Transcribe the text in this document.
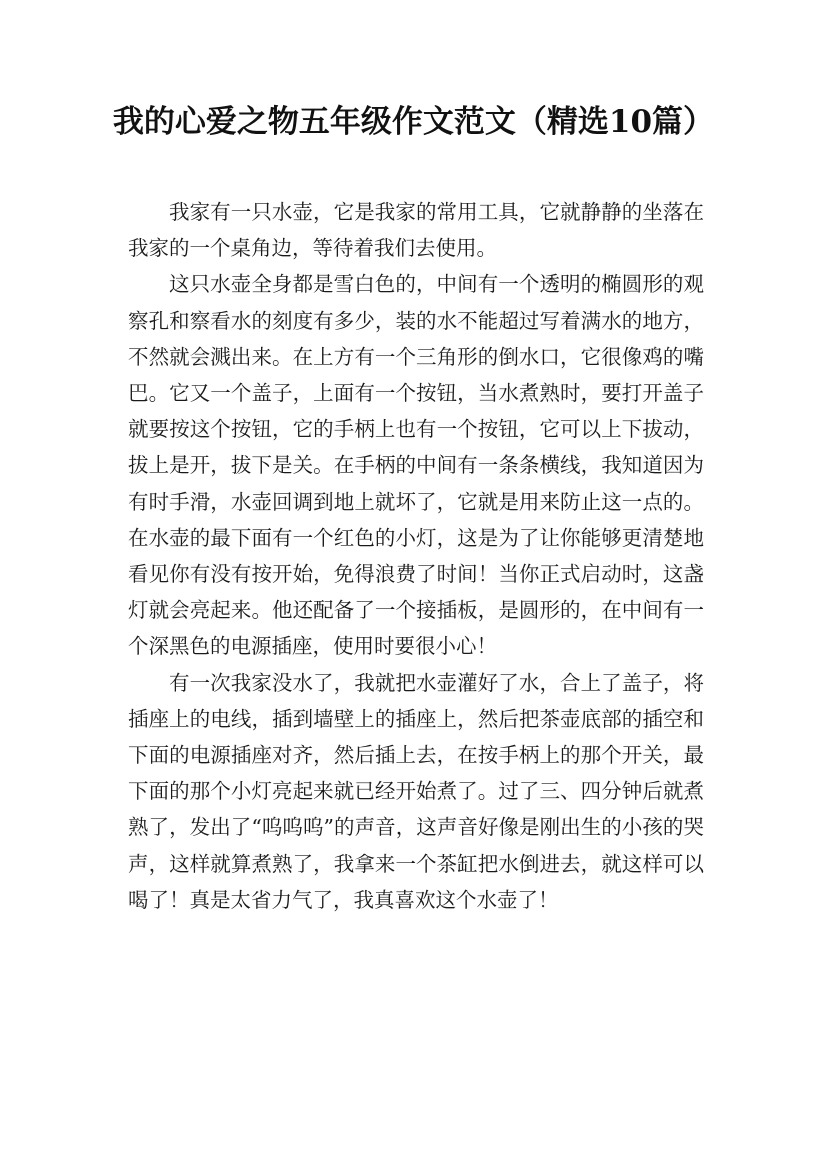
我的心爱之物五年级作文范文（精选10篇）

我家有一只水壶，它是我家的常用工具，它就静静的坐落在我家的一个桌角边，等待着我们去使用。

这只水壶全身都是雪白色的，中间有一个透明的椭圆形的观察孔和察看水的刻度有多少，装的水不能超过写着满水的地方，不然就会溅出来。在上方有一个三角形的倒水口，它很像鸡的嘴巴。它又一个盖子，上面有一个按钮，当水煮熟时，要打开盖子就要按这个按钮，它的手柄上也有一个按钮，它可以上下拔动，拔上是开，拔下是关。在手柄的中间有一条条横线，我知道因为有时手滑，水壶回调到地上就坏了，它就是用来防止这一点的。在水壶的最下面有一个红色的小灯，这是为了让你能够更清楚地看见你有没有按开始，免得浪费了时间！当你正式启动时，这盏灯就会亮起来。他还配备了一个接插板，是圆形的，在中间有一个深黑色的电源插座，使用时要很小心！

有一次我家没水了，我就把水壶灌好了水，合上了盖子，将插座上的电线，插到墙壁上的插座上，然后把茶壶底部的插空和下面的电源插座对齐，然后插上去，在按手柄上的那个开关，最下面的那个小灯亮起来就已经开始煮了。过了三、四分钟后就煮熟了，发出了“呜呜呜”的声音，这声音好像是刚出生的小孩的哭声，这样就算煮熟了，我拿来一个茶缸把水倒进去，就这样可以喝了！真是太省力气了，我真喜欢这个水壶了！
